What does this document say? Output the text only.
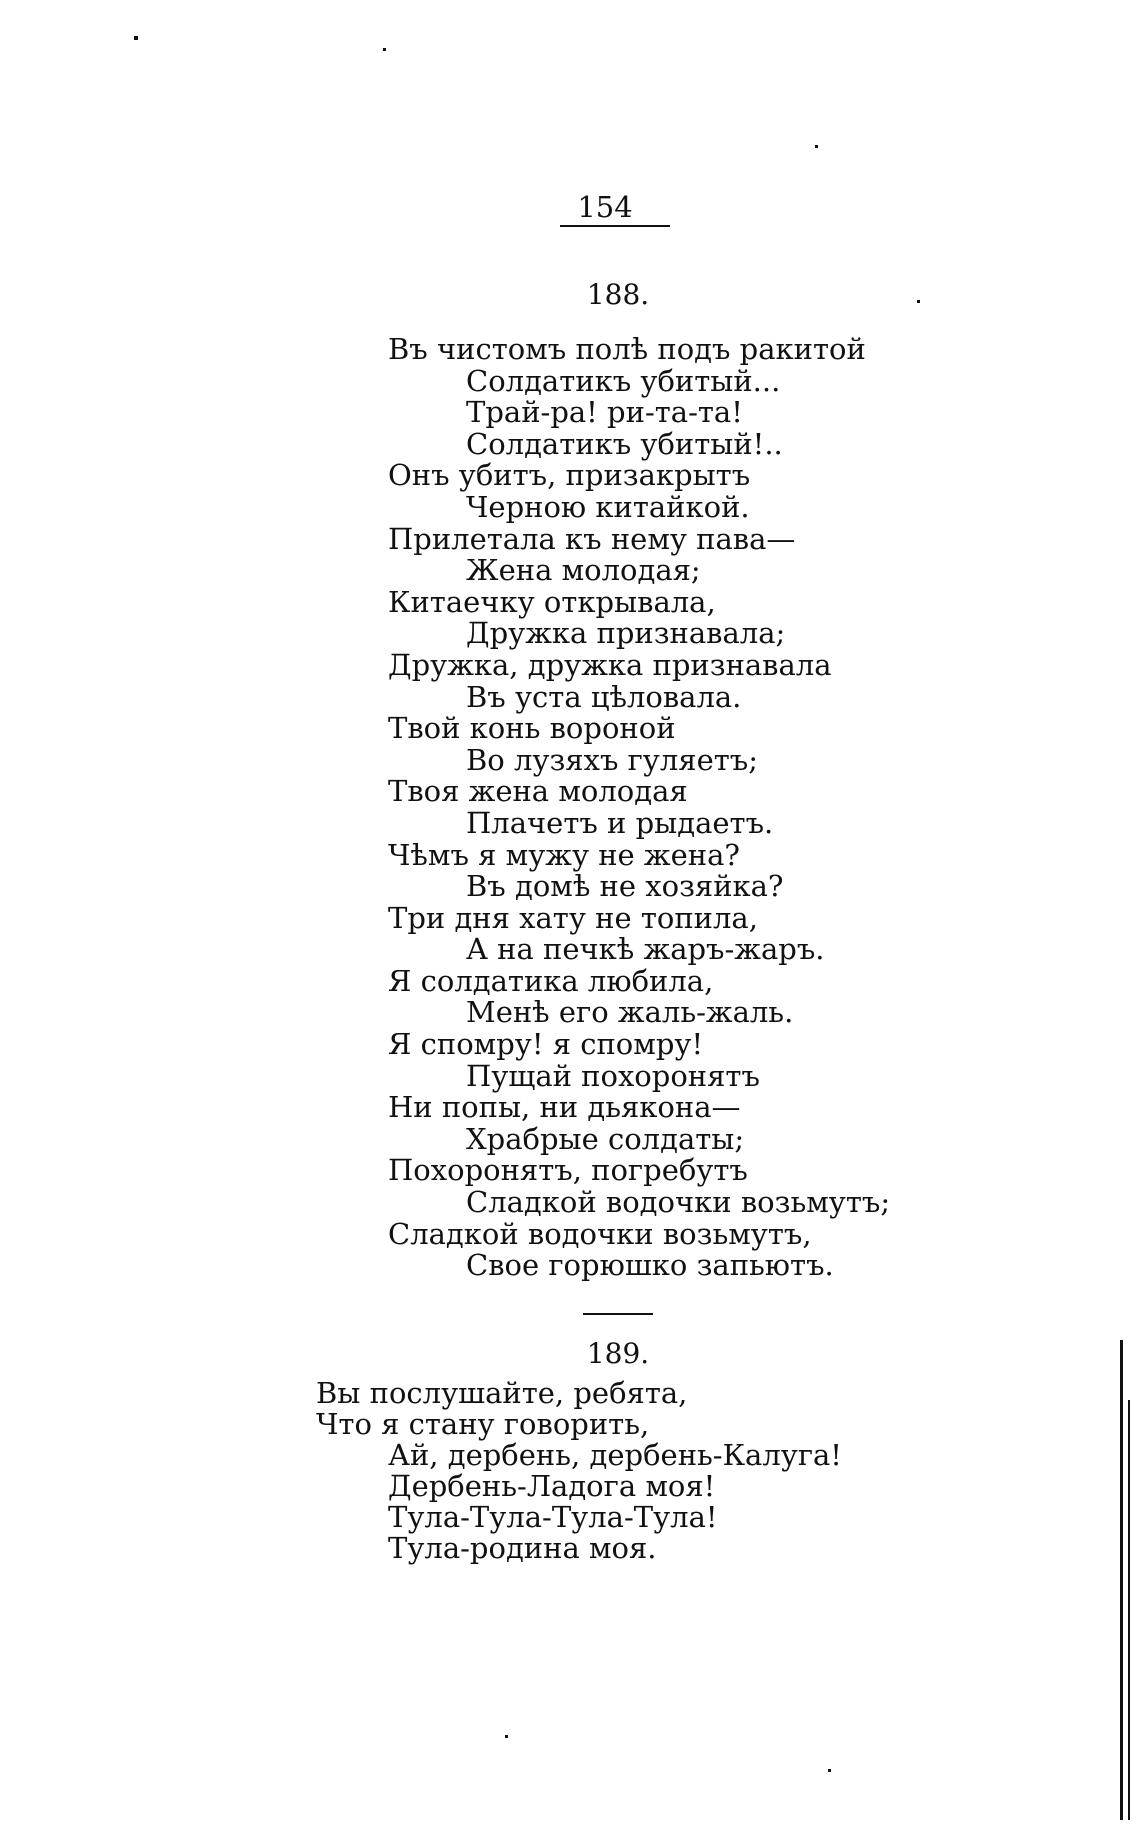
154
188.
Въ чистомъ полѣ подъ ракитой
Солдатикъ убитый...
Трай-ра! ри-та-та!
Солдатикъ убитый!..
Онъ убитъ, призакрытъ
Черною китайкой.
Прилетала къ нему пава—
Жена молодая;
Китаечку открывала,
Дружка признавала;
Дружка, дружка признавала
Въ уста цѣловала.
Твой конь вороной
Во лузяхъ гуляетъ;
Твоя жена молодая
Плачетъ и рыдаетъ.
Чѣмъ я мужу не жена?
Въ домѣ не хозяйка?
Три дня хату не топила,
А на печкѣ жаръ-жаръ.
Я солдатика любила,
Менѣ его жаль-жаль.
Я спомру! я спомру!
Пущай похоронятъ
Ни попы, ни дьякона—
Храбрые солдаты;
Похоронятъ, погребутъ
Сладкой водочки возьмутъ;
Сладкой водочки возьмутъ,
Свое горюшко запьютъ.
189.
Вы послушайте, ребята,
Что я стану говорить,
Ай, дербень, дербень-Калуга!
Дербень-Ладога моя!
Тула-Тула-Тула-Тула!
Тула-родина моя.
